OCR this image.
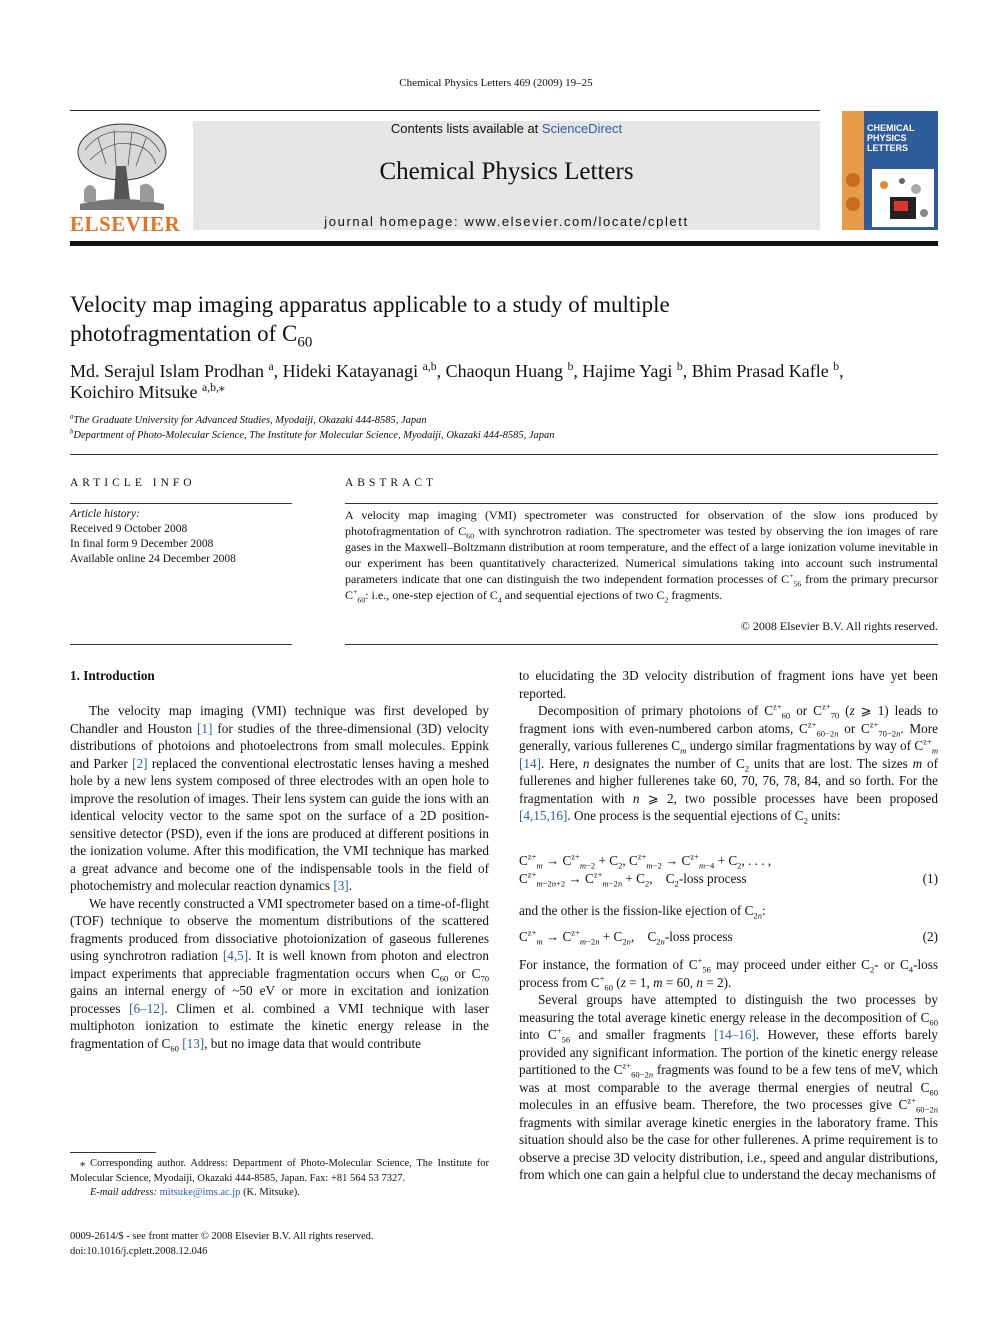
Chemical Physics Letters 469 (2009) 19–25
ELSEVIER
Contents lists available at ScienceDirect
Chemical Physics Letters
journal homepage: www.elsevier.com/locate/cplett
CHEMICAL
PHYSICS
LETTERS
Velocity map imaging apparatus applicable to a study of multiple
photofragmentation of $C_{60}$
Md. Serajul Islam Prodhan $^a$, Hideki Katayanagi $^{a,b}$, Chaoqun Huang $^b$, Hajime Yagi $^b$, Bhim Prasad Kafle $^b$,
Koichiro Mitsuke $^{a,b,⁎}$
$^a$The Graduate University for Advanced Studies, Myodaiji, Okazaki 444-8585, Japan
$^b$Department of Photo-Molecular Science, The Institute for Molecular Science, Myodaiji, Okazaki 444-8585, Japan
ARTICLE INFO
Article history:
Received 9 October 2008
In final form 9 December 2008
Available online 24 December 2008
ABSTRACT
A velocity map imaging (VMI) spectrometer was constructed for observation of the slow ions produced by photofragmentation of $C_{60}$ with synchrotron radiation. The spectrometer was tested by observing the ion images of rare gases in the Maxwell–Boltzmann distribution at room temperature, and the effect of a large ionization volume inevitable in our experiment has been quantitatively characterized. Numerical simulations taking into account such instrumental parameters indicate that one can distinguish the two independent formation processes of $C^+_{56}$ from the primary precursor $C^+_{60}$: i.e., one-step ejection of $C_4$ and sequential ejections of two $C_2$ fragments.
© 2008 Elsevier B.V. All rights reserved.
1. Introduction

The velocity map imaging (VMI) technique was first developed by Chandler and Houston [1] for studies of the three-dimensional (3D) velocity distributions of photoions and photoelectrons from small molecules. Eppink and Parker [2] replaced the conventional electrostatic lenses having a meshed hole by a new lens system composed of three electrodes with an open hole to improve the resolution of images. Their lens system can guide the ions with an identical velocity vector to the same spot on the surface of a 2D position-sensitive detector (PSD), even if the ions are produced at different positions in the ionization volume. After this modification, the VMI technique has marked a great advance and become one of the indispensable tools in the field of photochemistry and molecular reaction dynamics [3].

We have recently constructed a VMI spectrometer based on a time-of-flight (TOF) technique to observe the momentum distributions of the scattered fragments produced from dissociative photoionization of gaseous fullerenes using synchrotron radiation [4,5]. It is well known from photon and electron impact experiments that appreciable fragmentation occurs when $C_{60}$ or $C_{70}$ gains an internal energy of ~50 eV or more in excitation and ionization processes [6–12]. Climen et al. combined a VMI technique with laser multiphoton ionization to estimate the kinetic energy release in the fragmentation of $C_{60}$ [13], but no image data that would contribute

⁎ Corresponding author. Address: Department of Photo-Molecular Science, The Institute for Molecular Science, Myodaiji, Okazaki 444-8585, Japan. Fax: +81 564 53 7327.
E-mail address: mitsuke@ims.ac.jp (K. Mitsuke).
0009-2614/$ - see front matter © 2008 Elsevier B.V. All rights reserved.
doi:10.1016/j.cplett.2008.12.046

to elucidating the 3D velocity distribution of fragment ions have yet been reported.

Decomposition of primary photoions of $C^{z+}_{60}$ or $C^{z+}_{70}$ (z ⩾ 1) leads to fragment ions with even-numbered carbon atoms, $C^{z+}_{60-2n}$ or $C^{z+}_{70-2n}$. More generally, various fullerenes $C_m$ undergo similar fragmentations by way of $C^{z+}_m$ [14]. Here, n designates the number of $C_2$ units that are lost. The sizes m of fullerenes and higher fullerenes take 60, 70, 76, 78, 84, and so forth. For the fragmentation with n ⩾ 2, two possible processes have been proposed [4,15,16]. One process is the sequential ejections of $C_2$ units:

$C^{z+}_m \to C^{z+}_{m-2} + C_2$, $C^{z+}_{m-2} \to C^{z+}_{m-4} + C_2$, . . . ,
$C^{z+}_{m-2n+2} \to C^{z+}_{m-2n} + C_2$,    $C_2$-loss process	(1)
and the other is the fission-like ejection of $C_{2n}$:
$C^{z+}_m \to C^{z+}_{m-2n} + C_{2n}$,    $C_{2n}$-loss process	(2)

For instance, the formation of $C^+_{56}$ may proceed under either $C_2-$ or $C_4$-loss process from $C^+_{60}$ (z = 1, m = 60, n = 2).

Several groups have attempted to distinguish the two processes by measuring the total average kinetic energy release in the decomposition of $C_{60}$ into $C^+_{56}$ and smaller fragments [14–16]. However, these efforts barely provided any significant information. The portion of the kinetic energy release partitioned to the $C^{z+}_{60-2n}$ fragments was found to be a few tens of meV, which was at most comparable to the average thermal energies of neutral $C_{60}$ molecules in an effusive beam. Therefore, the two processes give $C^{z+}_{60-2n}$ fragments with similar average kinetic energies in the laboratory frame. This situation should also be the case for other fullerenes. A prime requirement is to observe a precise 3D velocity distribution, i.e., speed and angular distributions, from which one can gain a helpful clue to understand the decay mechanisms of
